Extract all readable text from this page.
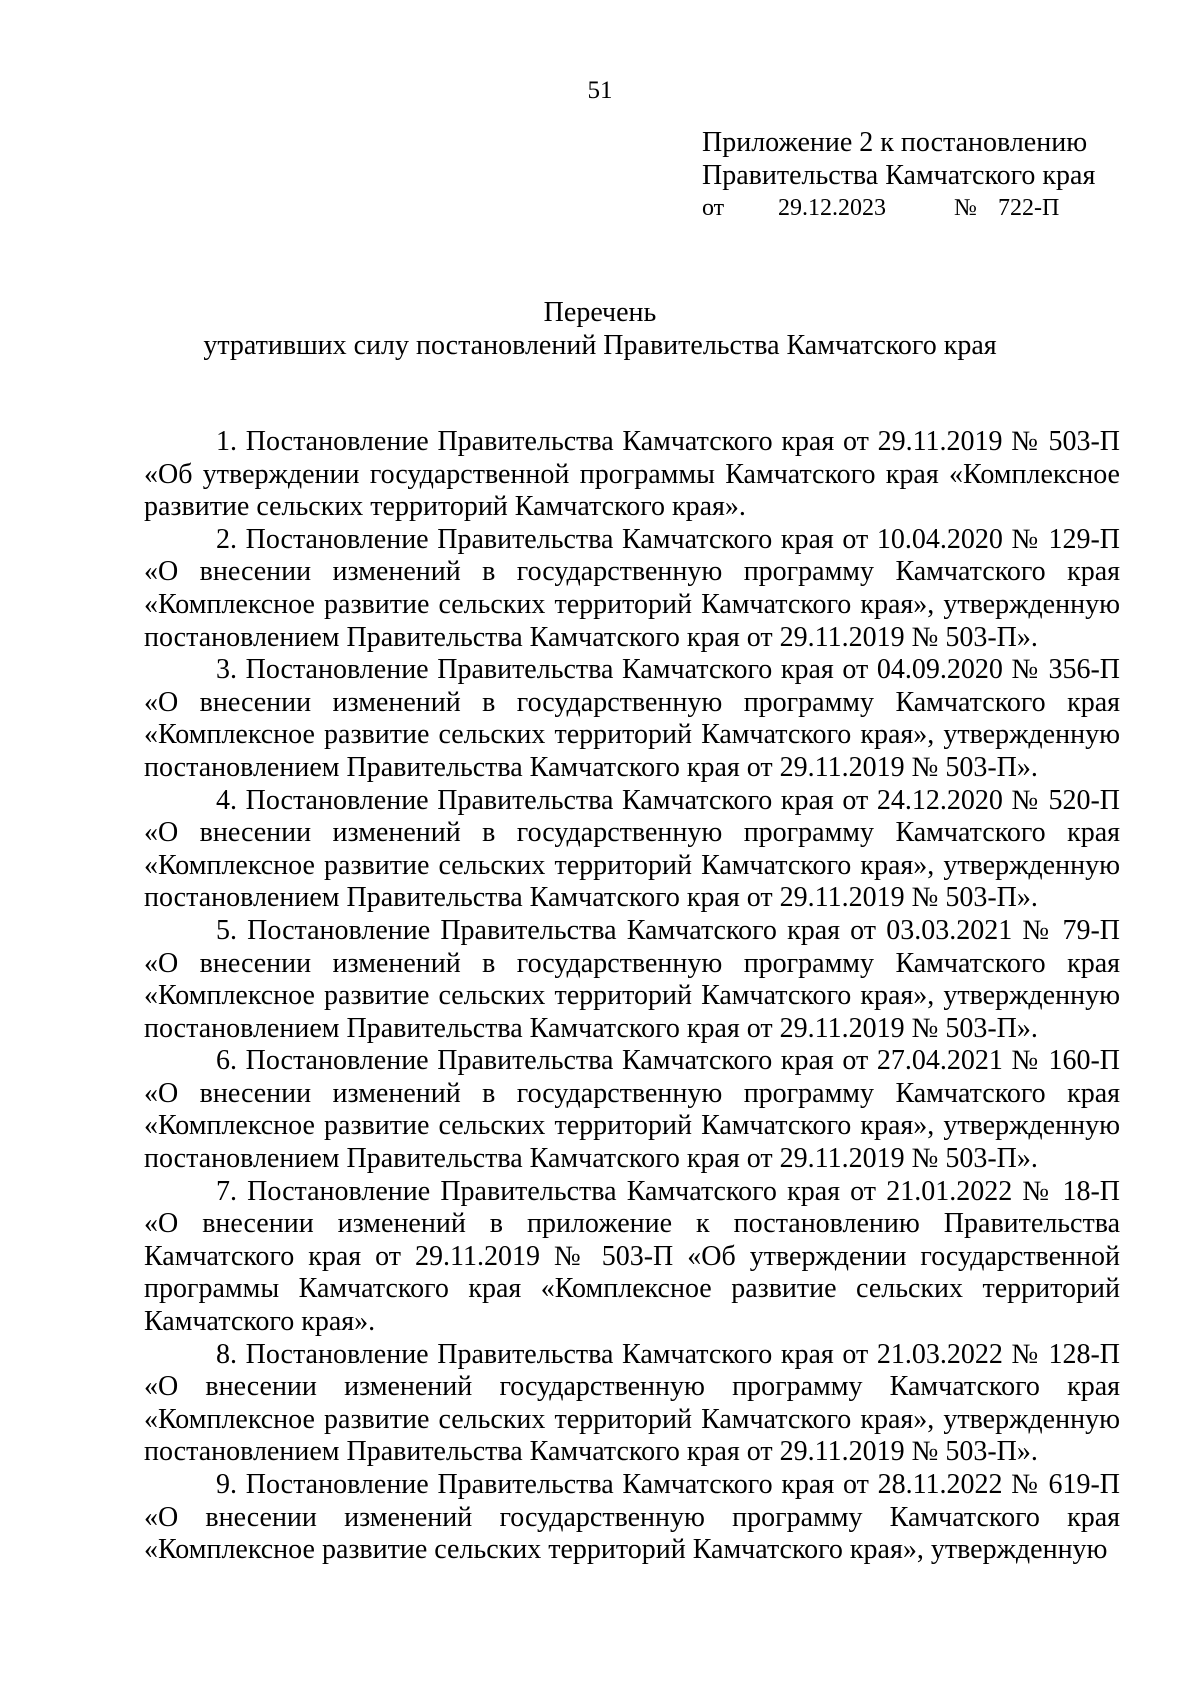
51
Приложение 2 к постановлению
Правительства Камчатского края
от 29.12.2023	№ 722-П
Перечень
утративших силу постановлений Правительства Камчатского края

1. Постановление Правительства Камчатского края от 29.11.2019 № 503-П «Об утверждении государственной программы Камчатского края «Комплексное развитие сельских территорий Камчатского края».

2. Постановление Правительства Камчатского края от 10.04.2020 № 129-П «О внесении изменений в государственную программу Камчатского края «Комплексное развитие сельских территорий Камчатского края», утвержденную постановлением Правительства Камчатского края от 29.11.2019 № 503-П».

3. Постановление Правительства Камчатского края от 04.09.2020 № 356-П «О внесении изменений в государственную программу Камчатского края «Комплексное развитие сельских территорий Камчатского края», утвержденную постановлением Правительства Камчатского края от 29.11.2019 № 503-П».

4. Постановление Правительства Камчатского края от 24.12.2020 № 520-П «О внесении изменений в государственную программу Камчатского края «Комплексное развитие сельских территорий Камчатского края», утвержденную постановлением Правительства Камчатского края от 29.11.2019 № 503-П».

5. Постановление Правительства Камчатского края от 03.03.2021 № 79-П «О внесении изменений в государственную программу Камчатского края «Комплексное развитие сельских территорий Камчатского края», утвержденную постановлением Правительства Камчатского края от 29.11.2019 № 503-П».

6. Постановление Правительства Камчатского края от 27.04.2021 № 160-П «О внесении изменений в государственную программу Камчатского края «Комплексное развитие сельских территорий Камчатского края», утвержденную постановлением Правительства Камчатского края от 29.11.2019 № 503-П».

7. Постановление Правительства Камчатского края от 21.01.2022 № 18-П «О внесении изменений в приложение к постановлению Правительства Камчатского края от 29.11.2019 № 503-П «Об утверждении государственной программы Камчатского края «Комплексное развитие сельских территорий Камчатского края».

8. Постановление Правительства Камчатского края от 21.03.2022 № 128-П «О внесении изменений государственную программу Камчатского края «Комплексное развитие сельских территорий Камчатского края», утвержденную постановлением Правительства Камчатского края от 29.11.2019 № 503-П».

9. Постановление Правительства Камчатского края от 28.11.2022 № 619-П «О внесении изменений государственную программу Камчатского края «Комплексное развитие сельских территорий Камчатского края», утвержденную
